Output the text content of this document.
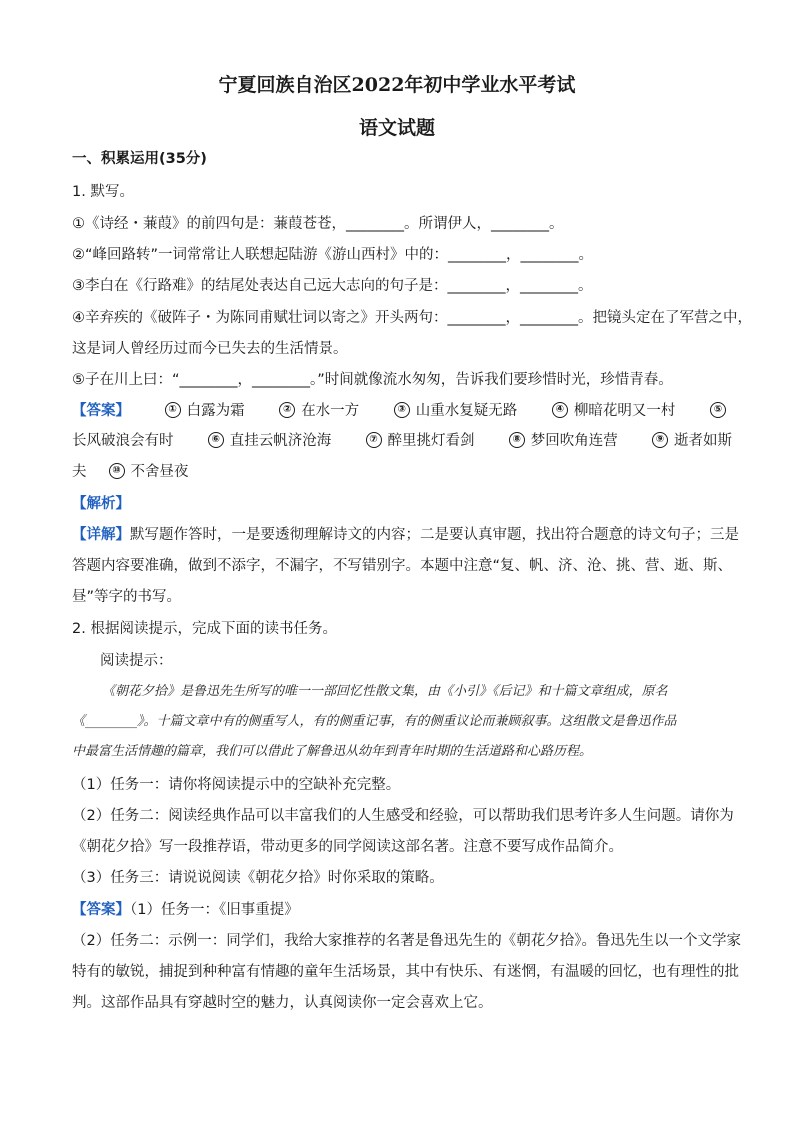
宁夏回族自治区2022年初中学业水平考试
语文试题
一、积累运用(35分)
1. 默写。
①《诗经・蒹葭》的前四句是：蒹葭苍苍，________。所谓伊人，________。
②“峰回路转”一词常常让人联想起陆游《游山西村》中的：________，________。
③李白在《行路难》的结尾处表达自己远大志向的句子是：________，________。
④辛弃疾的《破阵子・为陈同甫赋壮词以寄之》开头两句：________，________。把镜头定在了军营之中，
这是词人曾经历过而今已失去的生活情景。
⑤子在川上曰：“________，________。”时间就像流水匆匆，告诉我们要珍惜时光，珍惜青春。
【答案】	① 白露为霜	② 在水一方	③ 山重水复疑无路	④ 柳暗花明又一村	⑤
长风破浪会有时	⑥ 直挂云帆济沧海	⑦ 醉里挑灯看剑	⑧ 梦回吹角连营	⑨ 逝者如斯
夫	⑩ 不舍昼夜
【解析】
【详解】默写题作答时，一是要透彻理解诗文的内容；二是要认真审题，找出符合题意的诗文句子；三是
答题内容要准确，做到不添字，不漏字，不写错别字。本题中注意“复、帆、济、沧、挑、营、逝、斯、
昼”等字的书写。
2. 根据阅读提示，完成下面的读书任务。
阅读提示：
《朝花夕拾》是鲁迅先生所写的唯一一部回忆性散文集，由《小引》《后记》和十篇文章组成，原名
《________》。十篇文章中有的侧重写人，有的侧重记事，有的侧重议论而兼顾叙事。这组散文是鲁迅作品
中最富生活情趣的篇章，我们可以借此了解鲁迅从幼年到青年时期的生活道路和心路历程。
（1）任务一：请你将阅读提示中的空缺补充完整。
（2）任务二：阅读经典作品可以丰富我们的人生感受和经验，可以帮助我们思考许多人生问题。请你为
《朝花夕拾》写一段推荐语，带动更多的同学阅读这部名著。注意不要写成作品简介。
（3）任务三：请说说阅读《朝花夕拾》时你采取的策略。
【答案】（1）任务一：《旧事重提》
（2）任务二：示例一：同学们，我给大家推荐的名著是鲁迅先生的《朝花夕拾》。鲁迅先生以一个文学家
特有的敏锐，捕捉到种种富有情趣的童年生活场景，其中有快乐、有迷惘，有温暖的回忆，也有理性的批
判。这部作品具有穿越时空的魅力，认真阅读你一定会喜欢上它。
